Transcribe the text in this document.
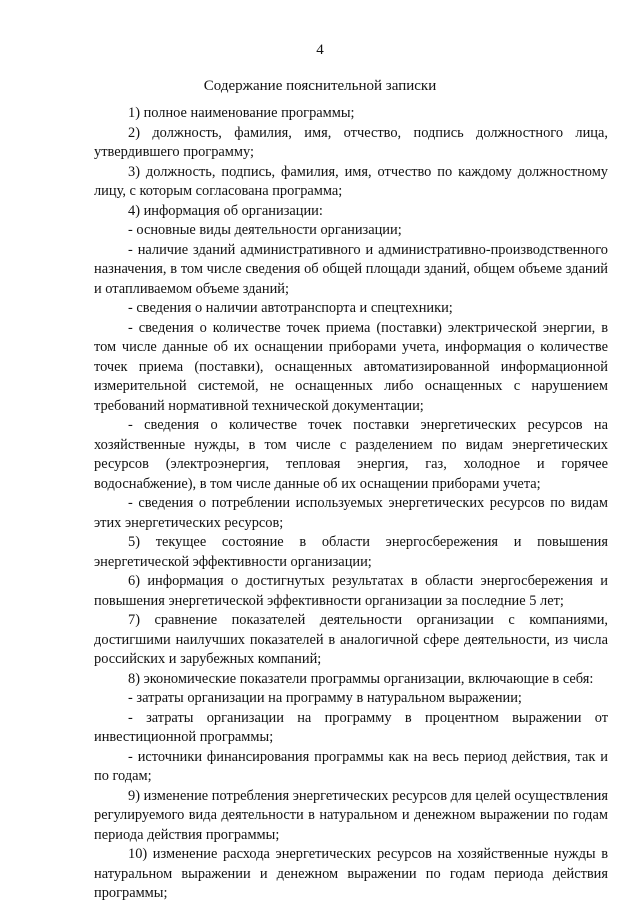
4
Содержание пояснительной записки

1) полное наименование программы;

2) должность, фамилия, имя, отчество, подпись должностного лица, утвердившего программу;

3) должность, подпись, фамилия, имя, отчество по каждому должностному лицу, с которым согласована программа;

4) информация об организации:

- основные виды деятельности организации;

- наличие зданий административного и административно-производственного назначения, в том числе сведения об общей площади зданий, общем объеме зданий и отапливаемом объеме зданий;

- сведения о наличии автотранспорта и спецтехники;

- сведения о количестве точек приема (поставки) электрической энергии, в том числе данные об их оснащении приборами учета, информация о количестве точек приема (поставки), оснащенных автоматизированной информационной измерительной системой, не оснащенных либо оснащенных с нарушением требований нормативной технической документации;

- сведения о количестве точек поставки энергетических ресурсов на хозяйственные нужды, в том числе с разделением по видам энергетических ресурсов (электроэнергия, тепловая энергия, газ, холодное и горячее водоснабжение), в том числе данные об их оснащении приборами учета;

- сведения о потреблении используемых энергетических ресурсов по видам этих энергетических ресурсов;

5) текущее состояние в области энергосбережения и повышения энергетической эффективности организации;

6) информация о достигнутых результатах в области энергосбережения и повышения энергетической эффективности организации за последние 5 лет;

7) сравнение показателей деятельности организации с компаниями, достигшими наилучших показателей в аналогичной сфере деятельности, из числа российских и зарубежных компаний;

8) экономические показатели программы организации, включающие в себя:

- затраты организации на программу в натуральном выражении;

- затраты организации на программу в процентном выражении от инвестиционной программы;

- источники финансирования программы как на весь период действия, так и по годам;

9) изменение потребления энергетических ресурсов для целей осуществления регулируемого вида деятельности в натуральном и денежном выражении по годам периода действия программы;

10) изменение расхода энергетических ресурсов на хозяйственные нужды в натуральном выражении и денежном выражении по годам периода действия программы;
